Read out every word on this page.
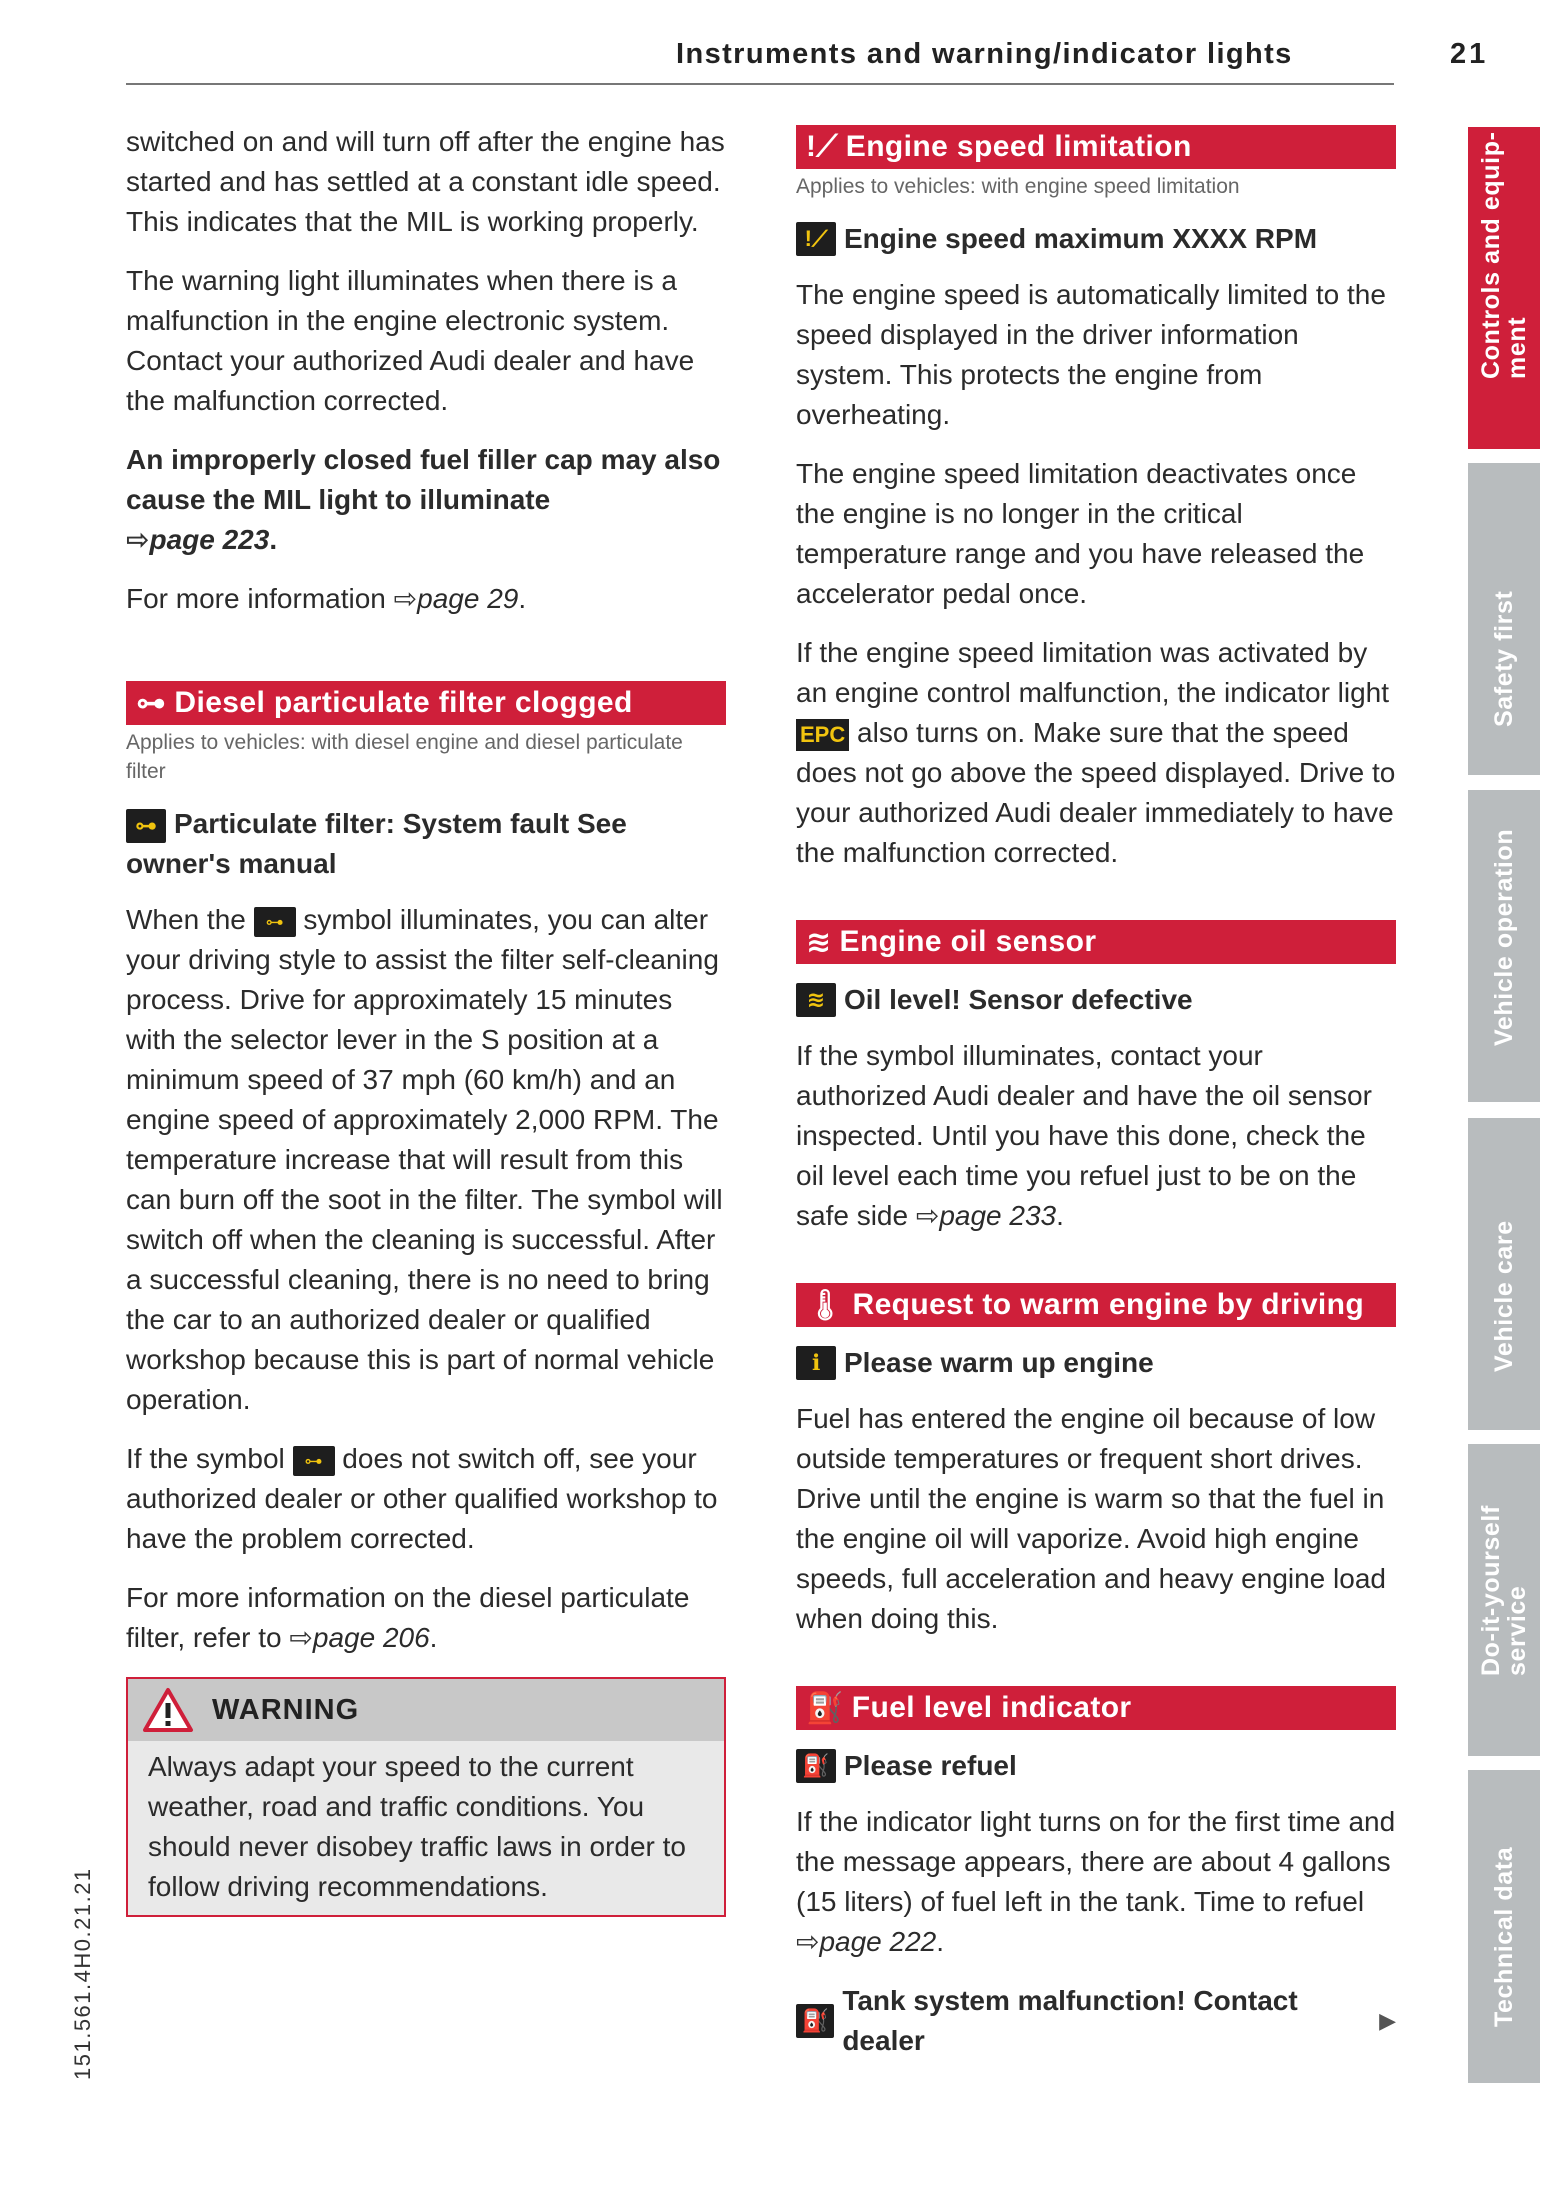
Instruments and warning/indicator lights	21

switched on and will turn off after the engine has started and has settled at a constant idle speed. This indicates that the MIL is working properly.

The warning light illuminates when there is a malfunction in the engine electronic system. Contact your authorized Audi dealer and have the malfunction corrected.

An improperly closed fuel filler cap may also cause the MIL light to illuminate
⇨page 223.

For more information ⇨page 29.

⊶ Diesel particulate filter clogged
Applies to vehicles: with diesel engine and diesel particulate filter
⊶ Particulate filter: System fault See owner's manual

When the ⊶ symbol illuminates, you can alter your driving style to assist the filter self-cleaning process. Drive for approximately 15 minutes with the selector lever in the S position at a minimum speed of 37 mph (60 km/h) and an engine speed of approximately 2,000 RPM. The temperature increase that will result from this can burn off the soot in the filter. The symbol will switch off when the cleaning is successful. After a successful cleaning, there is no need to bring the car to an authorized dealer or qualified workshop because this is part of normal vehicle operation.

If the symbol ⊶ does not switch off, see your authorized dealer or other qualified workshop to have the problem corrected.

For more information on the diesel particulate filter, refer to ⇨page 206.

WARNING

Always adapt your speed to the current weather, road and traffic conditions. You should never disobey traffic laws in order to follow driving recommendations.

!⟋ Engine speed limitation
Applies to vehicles: with engine speed limitation
!⟋ Engine speed maximum XXXX RPM

The engine speed is automatically limited to the speed displayed in the driver information system. This protects the engine from overheating.

The engine speed limitation deactivates once the engine is no longer in the critical temperature range and you have released the accelerator pedal once.

If the engine speed limitation was activated by an engine control malfunction, the indicator light EPC also turns on. Make sure that the speed does not go above the speed displayed. Drive to your authorized Audi dealer immediately to have the malfunction corrected.

≋ Engine oil sensor
≋ Oil level! Sensor defective

If the symbol illuminates, contact your authorized Audi dealer and have the oil sensor inspected. Until you have this done, check the oil level each time you refuel just to be on the safe side ⇨page 233.

🌡 Request to warm engine by driving
ℹ Please warm up engine

Fuel has entered the engine oil because of low outside temperatures or frequent short drives. Drive until the engine is warm so that the fuel in the engine oil will vaporize. Avoid high engine speeds, full acceleration and heavy engine load when doing this.

⛽ Fuel level indicator
⛽ Please refuel

If the indicator light turns on for the first time and the message appears, there are about 4 gallons (15 liters) of fuel left in the tank. Time to refuel ⇨page 222.

⛽
Tank system malfunction! Contact dealer
▶
Controls and equip-
ment
Safety first
Vehicle operation
Vehicle care
Do-it-yourself
service
Technical data
151.561.4H0.21.21
